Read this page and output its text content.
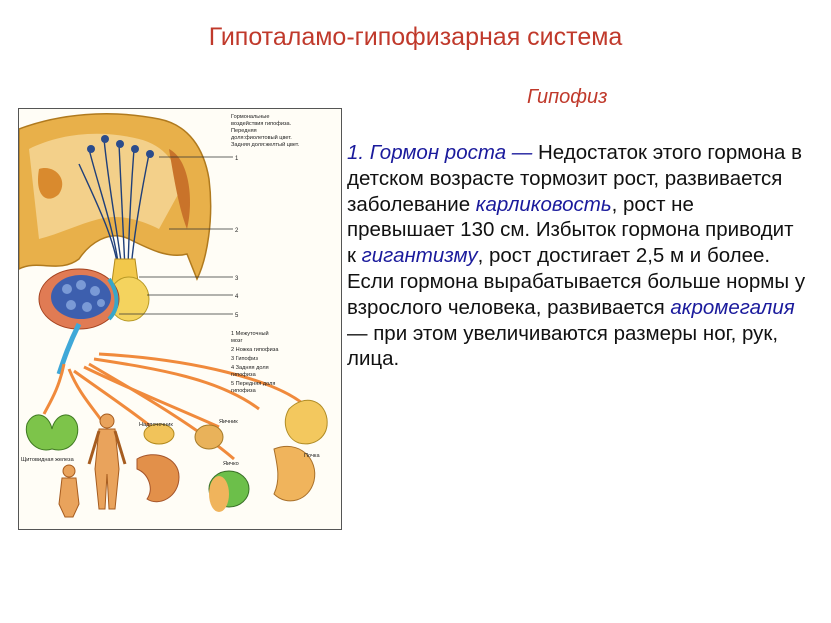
Гипоталамо-гипофизарная система
Гипофиз
Гормональные
воздействия гипофиза.
Передняя
доля:фиолетовый цвет.
Задняя доля:желтый цвет.
1
2
3
4
5
1 Межуточный
мозг
2 Ножка гипофиза
3 Гипофиз
4 Задняя доля
гипофиза
5 Передняя доля
гипофиза
Щитовидная железа
Надпочечник	Яичник
Яичко
Почка
1. Гормон роста — Недостаток этого гормона в детском возрасте тормозит рост, развивается заболевание карликовость, рост не превышает 130 см. Избыток гормона приводит к гигантизму, рост достигает 2,5 м и более. Если гормона вырабатывается больше нормы у взрослого человека, развивается акромегалия — при этом увеличиваются размеры ног, рук, лица.
